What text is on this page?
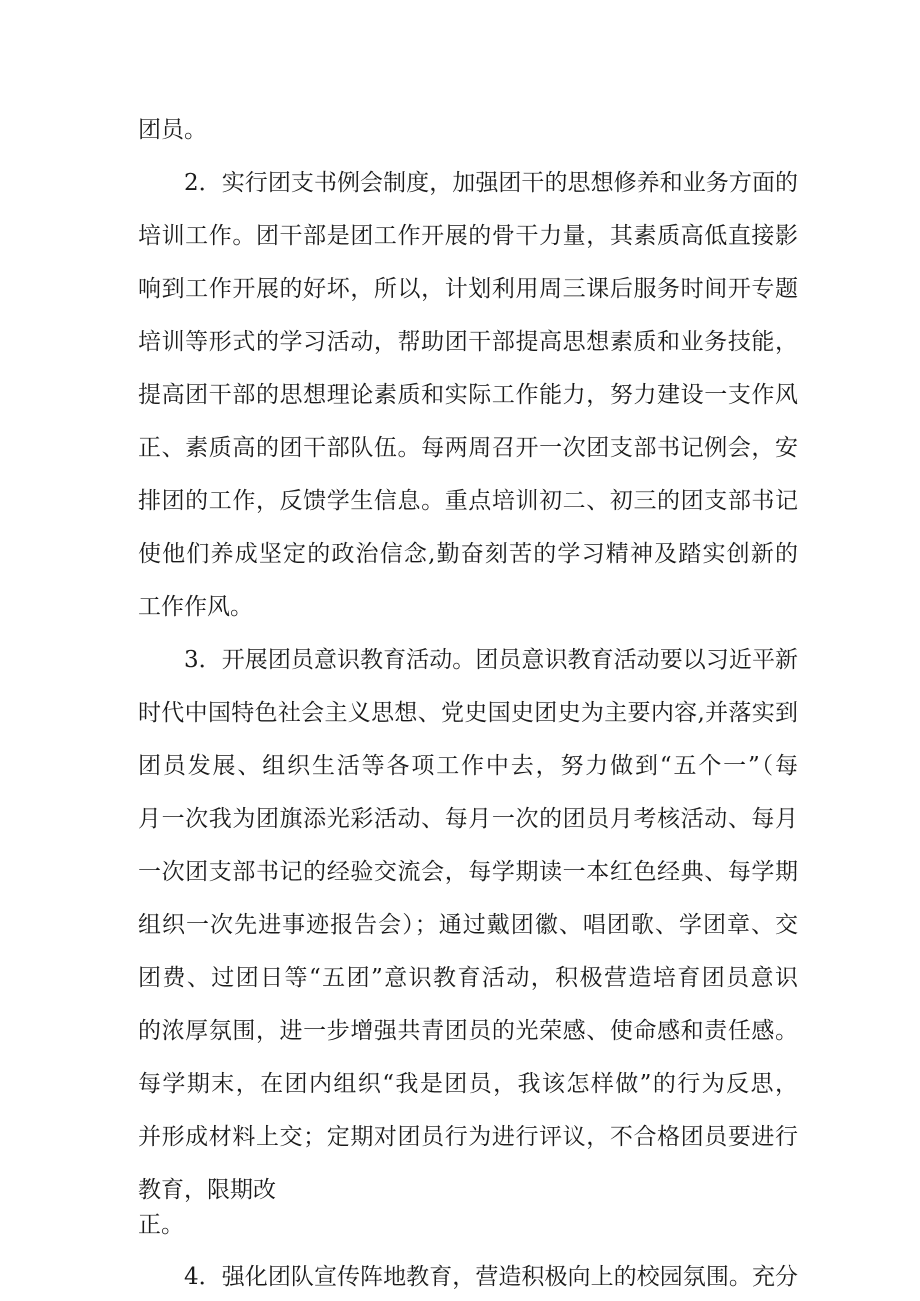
团员。
2．实行团支书例会制度，加强团干的思想修养和业务方面的
培训工作。团干部是团工作开展的骨干力量，其素质高低直接影
响到工作开展的好坏，所以，计划利用周三课后服务时间开专题
培训等形式的学习活动，帮助团干部提高思想素质和业务技能，
提高团干部的思想理论素质和实际工作能力，努力建设一支作风
正、素质高的团干部队伍。每两周召开一次团支部书记例会，安
排团的工作，反馈学生信息。重点培训初二、初三的团支部书记
使他们养成坚定的政治信念,勤奋刻苦的学习精神及踏实创新的
工作作风。
3．开展团员意识教育活动。团员意识教育活动要以习近平新
时代中国特色社会主义思想、党史国史团史为主要内容,并落实到
团员发展、组织生活等各项工作中去，努力做到“五个一”（每
月一次我为团旗添光彩活动、每月一次的团员月考核活动、每月
一次团支部书记的经验交流会，每学期读一本红色经典、每学期
组织一次先进事迹报告会）；通过戴团徽、唱团歌、学团章、交
团费、过团日等“五团”意识教育活动，积极营造培育团员意识
的浓厚氛围，进一步增强共青团员的光荣感、使命感和责任感。
每学期末，在团内组织“我是团员，我该怎样做”的行为反思，
并形成材料上交；定期对团员行为进行评议，不合格团员要进行
教育，限期改
正。
4．强化团队宣传阵地教育，营造积极向上的校园氛围。充分
